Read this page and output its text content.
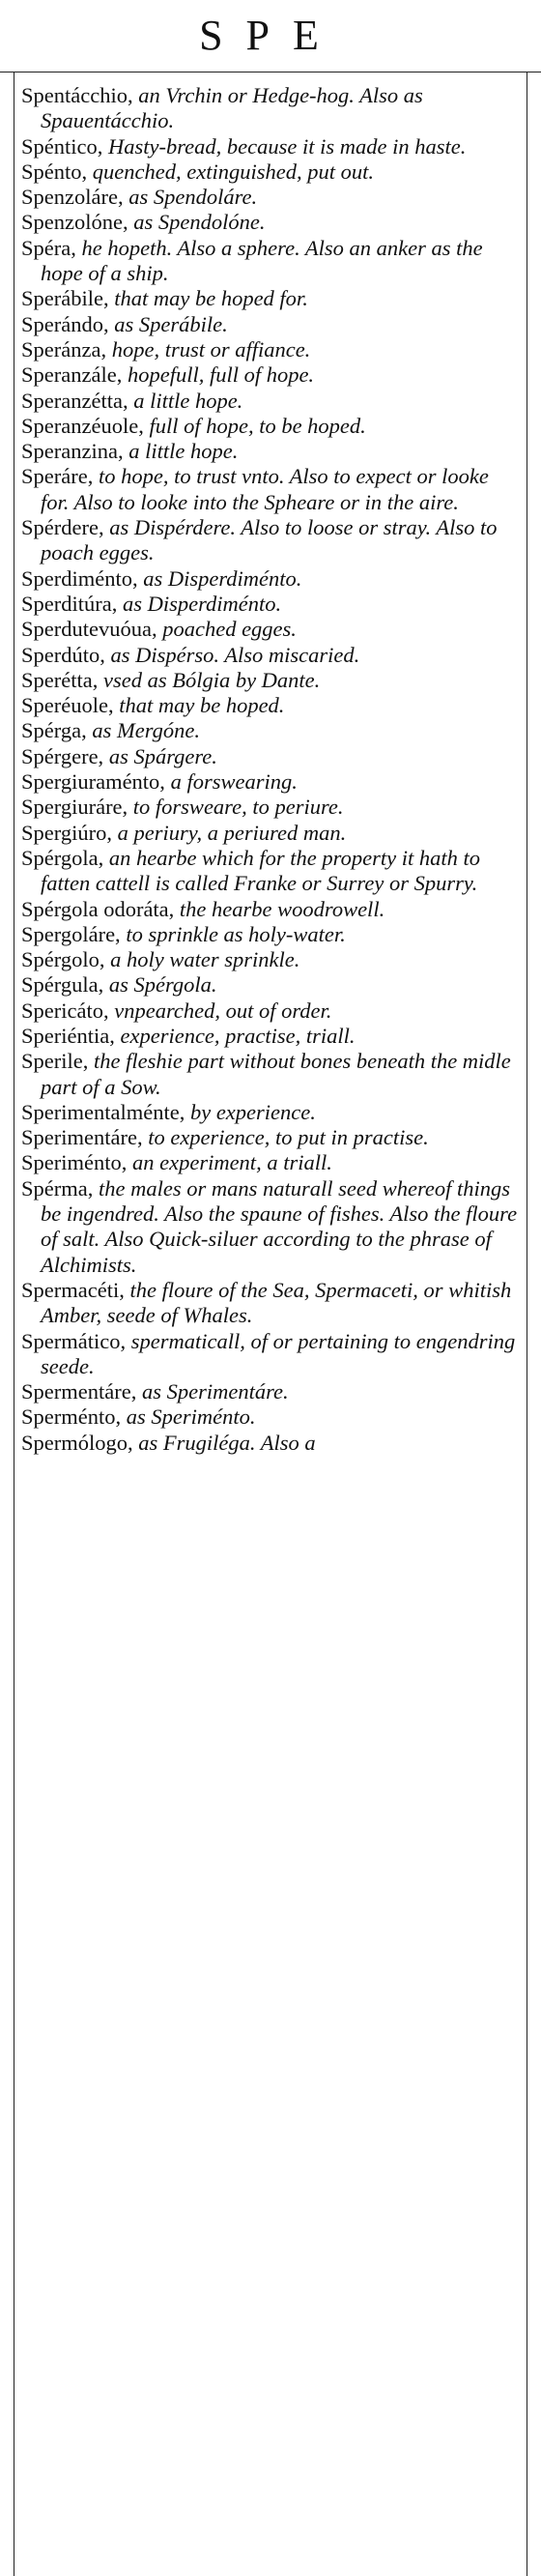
SPE
Spentácchio, an Vrchin or Hedge-hog. Also as Spauentácchio.
Spéntico, Hasty-bread, because it is made in haste.
Spénto, quenched, extinguished, put out.
Spenzoláre, as Spendoláre.
Spenzolóne, as Spendolóne.
Spéra, he hopeth. Also a sphere. Also an anker as the hope of a ship.
Sperábile, that may be hoped for.
Sperándo, as Sperábile.
Speránza, hope, trust or affiance.
Speranzále, hopefull, full of hope.
Speranzétta, a little hope.
Speranzéuole, full of hope, to be hoped.
Speranzina, a little hope.
Speráre, to hope, to trust vnto. Also to expect or looke for. Also to looke into the Spheare or in the aire.
Spérdere, as Dispérdere. Also to loose or stray. Also to poach egges.
Sperdiménto, as Disperdiménto.
Sperditúra, as Disperdiménto.
Sperdutevuóua, poached egges.
Sperdúto, as Dispérso. Also miscaried.
Sperétta, vsed as Bólgia by Dante.
Speréuole, that may be hoped.
Spérga, as Mergóne.
Spérgere, as Spárgere.
Spergiuraménto, a forswearing.
Spergiuráre, to forsweare, to periure.
Spergiúro, a periury, a periured man.
Spérgola, an hearbe which for the property it hath to fatten cattell is called Franke or Surrey or Spurry.
Spérgola odoráta, the hearbe woodrowell.
Spergoláre, to sprinkle as holy-water.
Spérgolo, a holy water sprinkle.
Spérgula, as Spérgola.
Spericáto, vnpearched, out of order.
Speriéntia, experience, practise, triall.
Sperile, the fleshie part without bones beneath the midle part of a Sow.
Sperimentalménte, by experience.
Sperimentáre, to experience, to put in practise.
Speriménto, an experiment, a triall.
Spérma, the males or mans naturall seed whereof things be ingendred. Also the spaune of fishes. Also the floure of salt. Also Quick-siluer according to the phrase of Alchimists.
Spermacéti, the floure of the Sea, Spermaceti, or whitish Amber, seede of Whales.
Spermático, spermaticall, of or pertaining to engendring seede.
Spermentáre, as Sperimentáre.
Sperménto, as Speriménto.
Spermólogo, as Frugiléga. Also a
